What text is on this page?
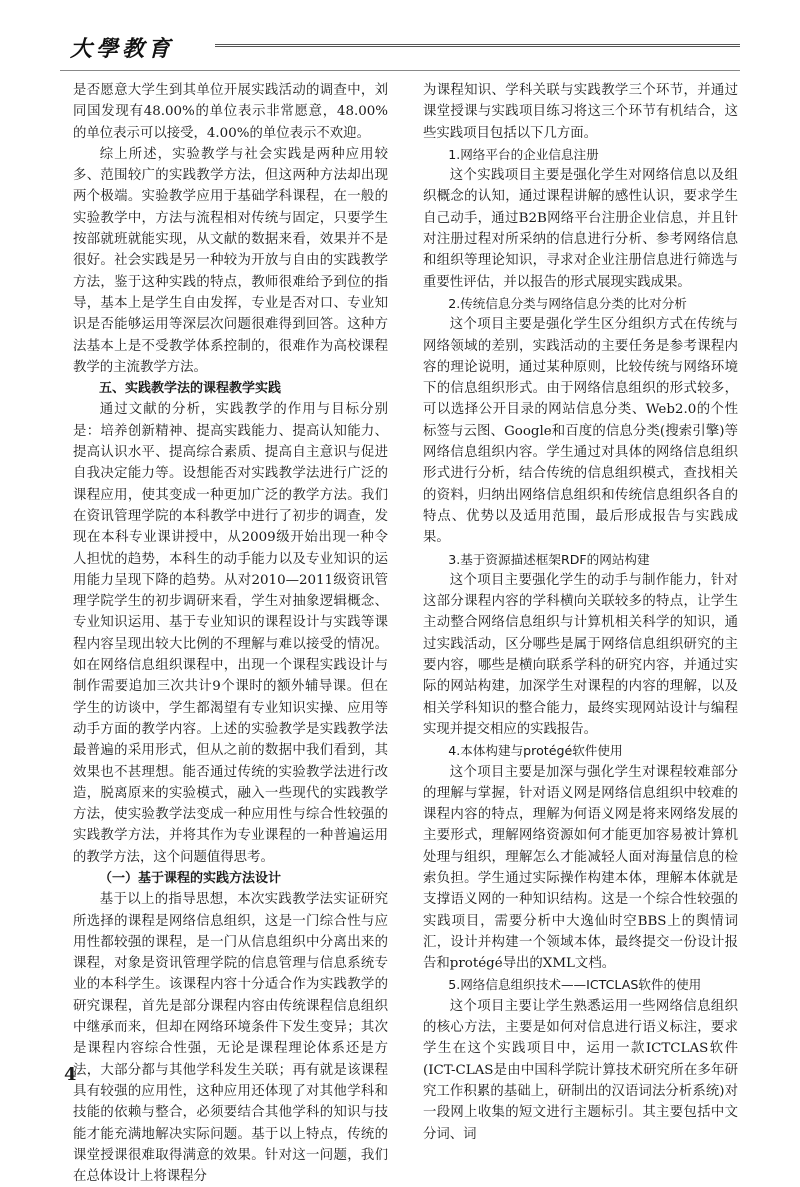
大學教育

是否愿意大学生到其单位开展实践活动的调查中，刘同国发现有48.00%的单位表示非常愿意，48.00%的单位表示可以接受，4.00%的单位表示不欢迎。

综上所述，实验教学与社会实践是两种应用较多、范围较广的实践教学方法，但这两种方法却出现两个极端。实验教学应用于基础学科课程，在一般的实验教学中，方法与流程相对传统与固定，只要学生按部就班就能实现，从文献的数据来看，效果并不是很好。社会实践是另一种较为开放与自由的实践教学方法，鉴于这种实践的特点，教师很难给予到位的指导，基本上是学生自由发挥，专业是否对口、专业知识是否能够运用等深层次问题很难得到回答。这种方法基本上是不受教学体系控制的，很难作为高校课程教学的主流教学方法。

五、实践教学法的课程教学实践

通过文献的分析，实践教学的作用与目标分别是：培养创新精神、提高实践能力、提高认知能力、提高认识水平、提高综合素质、提高自主意识与促进自我决定能力等。设想能否对实践教学法进行广泛的课程应用，使其变成一种更加广泛的教学方法。我们在资讯管理学院的本科教学中进行了初步的调查，发现在本科专业课讲授中，从2009级开始出现一种令人担忧的趋势，本科生的动手能力以及专业知识的运用能力呈现下降的趋势。从对2010—2011级资讯管理学院学生的初步调研来看，学生对抽象逻辑概念、专业知识运用、基于专业知识的课程设计与实践等课程内容呈现出较大比例的不理解与难以接受的情况。如在网络信息组织课程中，出现一个课程实践设计与制作需要追加三次共计9个课时的额外辅导课。但在学生的访谈中，学生都渴望有专业知识实操、应用等动手方面的教学内容。上述的实验教学是实践教学法最普遍的采用形式，但从之前的数据中我们看到，其效果也不甚理想。能否通过传统的实验教学法进行改造，脱离原来的实验模式，融入一些现代的实践教学方法，使实验教学法变成一种应用性与综合性较强的实践教学方法，并将其作为专业课程的一种普遍运用的教学方法，这个问题值得思考。

（一）基于课程的实践方法设计

基于以上的指导思想，本次实践教学法实证研究所选择的课程是网络信息组织，这是一门综合性与应用性都较强的课程，是一门从信息组织中分离出来的课程，对象是资讯管理学院的信息管理与信息系统专业的本科学生。该课程内容十分适合作为实践教学的研究课程，首先是部分课程内容由传统课程信息组织中继承而来，但却在网络环境条件下发生变异；其次是课程内容综合性强，无论是课程理论体系还是方法，大部分都与其他学科发生关联；再有就是该课程具有较强的应用性，这种应用还体现了对其他学科和技能的依赖与整合，必须要结合其他学科的知识与技能才能充满地解决实际问题。基于以上特点，传统的课堂授课很难取得满意的效果。针对这一问题，我们在总体设计上将课程分

为课程知识、学科关联与实践教学三个环节，并通过课堂授课与实践项目练习将这三个环节有机结合，这些实践项目包括以下几方面。

1.网络平台的企业信息注册

这个实践项目主要是强化学生对网络信息以及组织概念的认知，通过课程讲解的感性认识，要求学生自己动手，通过B2B网络平台注册企业信息，并且针对注册过程对所采纳的信息进行分析、参考网络信息和组织等理论知识，寻求对企业注册信息进行筛选与重要性评估，并以报告的形式展现实践成果。

2.传统信息分类与网络信息分类的比对分析

这个项目主要是强化学生区分组织方式在传统与网络领域的差别，实践活动的主要任务是参考课程内容的理论说明，通过某种原则，比较传统与网络环境下的信息组织形式。由于网络信息组织的形式较多，可以选择公开目录的网站信息分类、Web2.0的个性标签与云图、Google和百度的信息分类(搜索引擎)等网络信息组织内容。学生通过对具体的网络信息组织形式进行分析，结合传统的信息组织模式，查找相关的资料，归纳出网络信息组织和传统信息组织各自的特点、优势以及适用范围，最后形成报告与实践成果。

3.基于资源描述框架RDF的网站构建

这个项目主要强化学生的动手与制作能力，针对这部分课程内容的学科横向关联较多的特点，让学生主动整合网络信息组织与计算机相关科学的知识，通过实践活动，区分哪些是属于网络信息组织研究的主要内容，哪些是横向联系学科的研究内容，并通过实际的网站构建，加深学生对课程的内容的理解，以及相关学科知识的整合能力，最终实现网站设计与编程实现并提交相应的实践报告。

4.本体构建与protégé软件使用

这个项目主要是加深与强化学生对课程较难部分的理解与掌握，针对语义网是网络信息组织中较难的课程内容的特点，理解为何语义网是将来网络发展的主要形式，理解网络资源如何才能更加容易被计算机处理与组织，理解怎么才能减轻人面对海量信息的检索负担。学生通过实际操作构建本体，理解本体就是支撑语义网的一种知识结构。这是一个综合性较强的实践项目，需要分析中大逸仙时空BBS上的舆情词汇，设计并构建一个领域本体，最终提交一份设计报告和protégé导出的XML文档。

5.网络信息组织技术——ICTCLAS软件的使用

这个项目主要让学生熟悉运用一些网络信息组织的核心方法，主要是如何对信息进行语义标注，要求学生在这个实践项目中，运用一款ICTCLAS软件(ICT-CLAS是由中国科学院计算技术研究所在多年研究工作积累的基础上，研制出的汉语词法分析系统)对一段网上收集的短文进行主题标引。其主要包括中文分词、词

4
